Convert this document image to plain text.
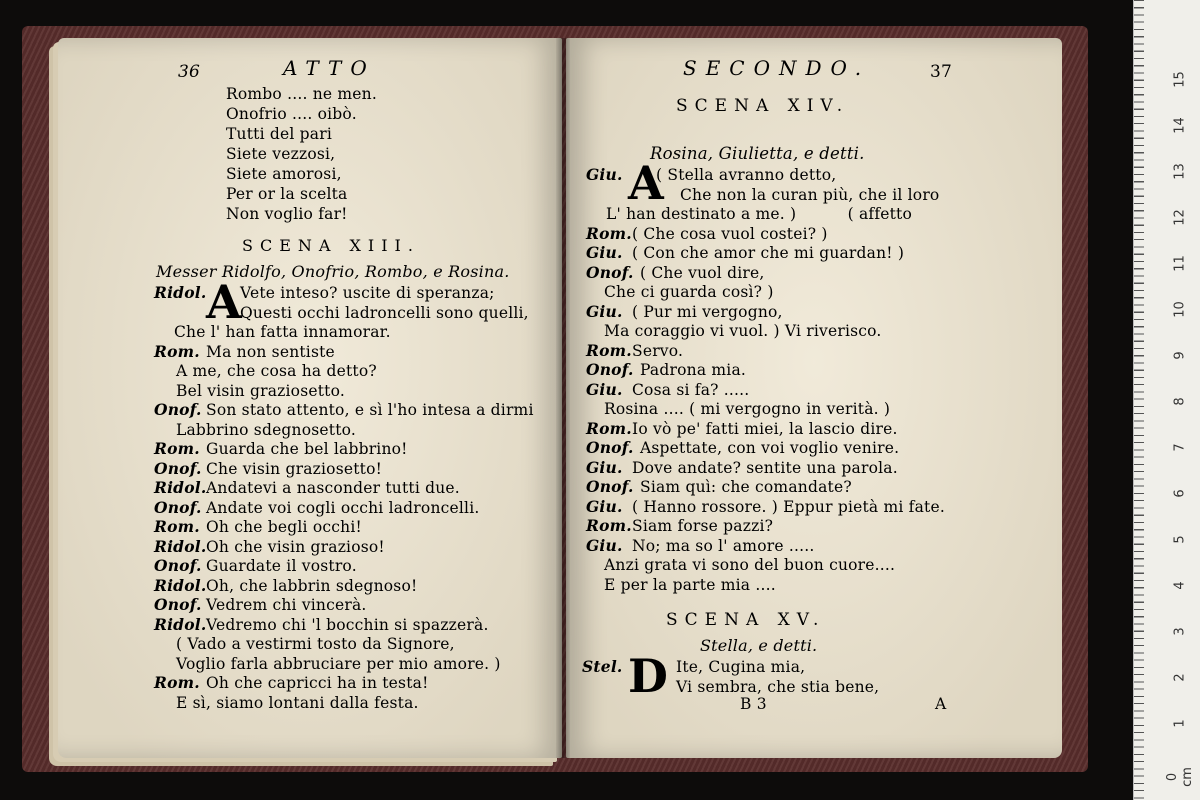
36	ATTO
Rombo .... ne men.
Onofrio .... oibò.
Tutti del pari
Siete vezzosi,
Siete amorosi,
Per or la scelta
Non voglio far!
SCENA XIII.
Messer Ridolfo, Onofrio, Rombo, e Rosina.
A
Ridol. Vete inteso? uscite di speranza;
Questi occhi ladroncelli sono quelli,
Che l' han fatta innamorar.
Rom. Ma non sentiste
A me, che cosa ha detto?
Bel visin graziosetto.
Onof. Son stato attento, e sì l'ho intesa a dirmi
Labbrino sdegnosetto.
Rom. Guarda che bel labbrino!
Onof. Che visin graziosetto!
Ridol. Andatevi a nasconder tutti due.
Onof. Andate voi cogli occhi ladroncelli.
Rom. Oh che begli occhi!
Ridol. Oh che visin grazioso!
Onof. Guardate il vostro.
Ridol. Oh, che labbrin sdegnoso!
Onof. Vedrem chi vincerà.
Ridol. Vedremo chi 'l bocchin si spazzerà.
( Vado a vestirmi tosto da Signore,
Voglio farla abbruciare per mio amore. )
Rom. Oh che capricci ha in testa!
E sì, siamo lontani dalla festa.
SECONDO.	37
SCENA XIV.
Rosina, Giulietta, e detti.
A
SCENA XV.
Stella, e detti.
D
B 3	A
Giu. ( Stella avranno detto,
Che non la curan più, che il loro
L' han destinato a me. )          ( affetto
Rom. ( Che cosa vuol costei? )
Giu. ( Con che amor che mi guardan! )
Onof. ( Che vuol dire,
Che ci guarda così? )
Giu. ( Pur mi vergogno,
Ma coraggio vi vuol. ) Vi riverisco.
Rom. Servo.
Onof. Padrona mia.
Giu. Cosa si fa? .....
Rosina .... ( mi vergogno in verità. )
Rom. Io vò pe' fatti miei, la lascio dire.
Onof. Aspettate, con voi voglio venire.
Giu. Dove andate? sentite una parola.
Onof. Siam quì: che comandate?
Giu. ( Hanno rossore. ) Eppur pietà mi fate.
Rom. Siam forse pazzi?
Giu. No; ma so l' amore .....
Anzi grata vi sono del buon cuore....
E per la parte mia ....
Stel.	Ite, Cugina mia,
Vi sembra, che stia bene,
0 cm
1
2
3
4
5
6
7
8
9
10
11
12
13
14
15
